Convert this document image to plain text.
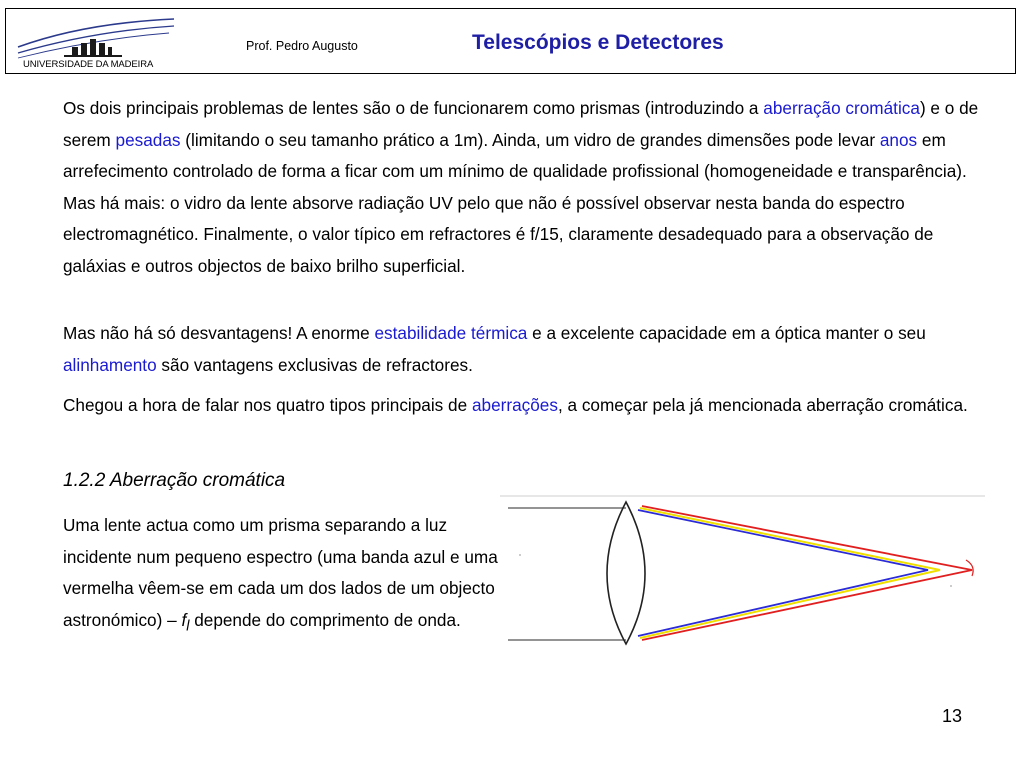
UNIVERSIDADE DA MADEIRA
Prof. Pedro Augusto	Telescópios e Detectores

Os dois principais problemas de lentes são o de funcionarem como prismas (introduzindo a aberração cromática) e o de serem pesadas (limitando o seu tamanho prático a 1m). Ainda, um vidro de grandes dimensões pode levar anos em arrefecimento controlado de forma a ficar com um mínimo de qualidade profissional (homogeneidade e transparência). Mas há mais: o vidro da lente absorve radiação UV pelo que não é possível observar nesta banda do espectro electromagnético. Finalmente, o valor típico em refractores é f/15, claramente desadequado para a observação de galáxias e outros objectos de baixo brilho superficial.

Mas não há só desvantagens! A enorme estabilidade térmica e a excelente capacidade em a óptica manter o seu alinhamento são vantagens exclusivas de refractores.

Chegou a hora de falar nos quatro tipos principais de aberrações, a começar pela já mencionada aberração cromática.

1.2.2 Aberração cromática

Uma lente actua como um prisma separando a luz incidente num pequeno espectro (uma banda azul e uma vermelha vêem-se em cada um dos lados de um objecto astronómico) – $f_l$ depende do comprimento de onda.

13
